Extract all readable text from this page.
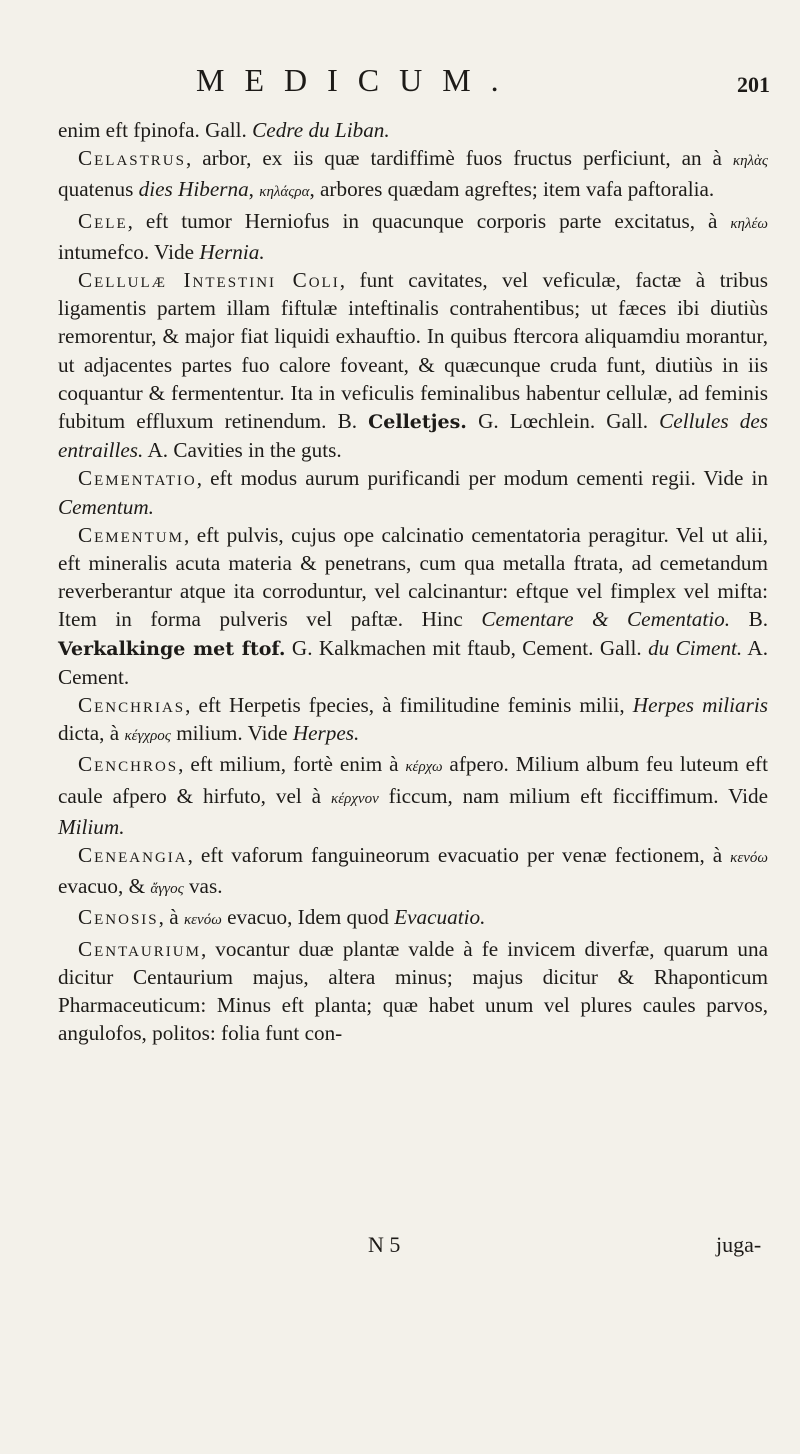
MEDICUM.	201

enim eft fpinofa. Gall. Cedre du Liban.

Celastrus, arbor, ex iis quæ tardiffimè fuos fructus perficiunt, an à κηλὰς quatenus dies Hiberna, κηλάςρα, arbores quædam agreftes; item vafa paftoralia.

Cele, eft tumor Herniofus in quacunque corporis parte excitatus, à κηλέω intumefco. Vide Hernia.

Cellulæ Intestini Coli, funt cavitates, vel veficulæ, factæ à tribus ligamentis partem illam fiftulæ inteftinalis contrahentibus; ut fæces ibi diutiùs remorentur, & major fiat liquidi exhauftio. In quibus ftercora aliquamdiu morantur, ut adjacentes partes fuo calore foveant, & quæcunque cruda funt, diutiùs in iis coquantur & fermententur. Ita in veficulis feminalibus habentur cellulæ, ad feminis fubitum effluxum retinendum. B. Celletjes. G. Lœchlein. Gall. Cellules des entrailles. A. Cavities in the guts.

Cementatio, eft modus aurum purificandi per modum cementi regii. Vide in Cementum.

Cementum, eft pulvis, cujus ope calcinatio cementatoria peragitur. Vel ut alii, eft mineralis acuta materia & penetrans, cum qua metalla ftrata, ad cemetandum reverberantur atque ita corroduntur, vel calcinantur: eftque vel fimplex vel mifta: Item in forma pulveris vel paftæ. Hinc Cementare & Cementatio. B. Verkalkinge met ftof. G. Kalkmachen mit ftaub, Cement. Gall. du Ciment. A. Cement.

Cenchrias, eft Herpetis fpecies, à fimilitudine feminis milii, Herpes miliaris dicta, à κέγχρος milium. Vide Herpes.

Cenchros, eft milium, fortè enim à κέρχω afpero. Milium album feu luteum eft caule afpero & hirfuto, vel à κέρχνον ficcum, nam milium eft ficciffimum. Vide Milium.

Ceneangia, eft vaforum fanguineorum evacuatio per venæ fectionem, à κενόω evacuo, & ἄγγος vas.

Cenosis, à κενόω evacuo, Idem quod Evacuatio.

Centaurium, vocantur duæ plantæ valde à fe invicem diverfæ, quarum una dicitur Centaurium majus, altera minus; majus dicitur & Rhaponticum Pharmaceuticum: Minus eft planta; quæ habet unum vel plures caules parvos, angulofos, politos: folia funt con-

N 5	juga-
